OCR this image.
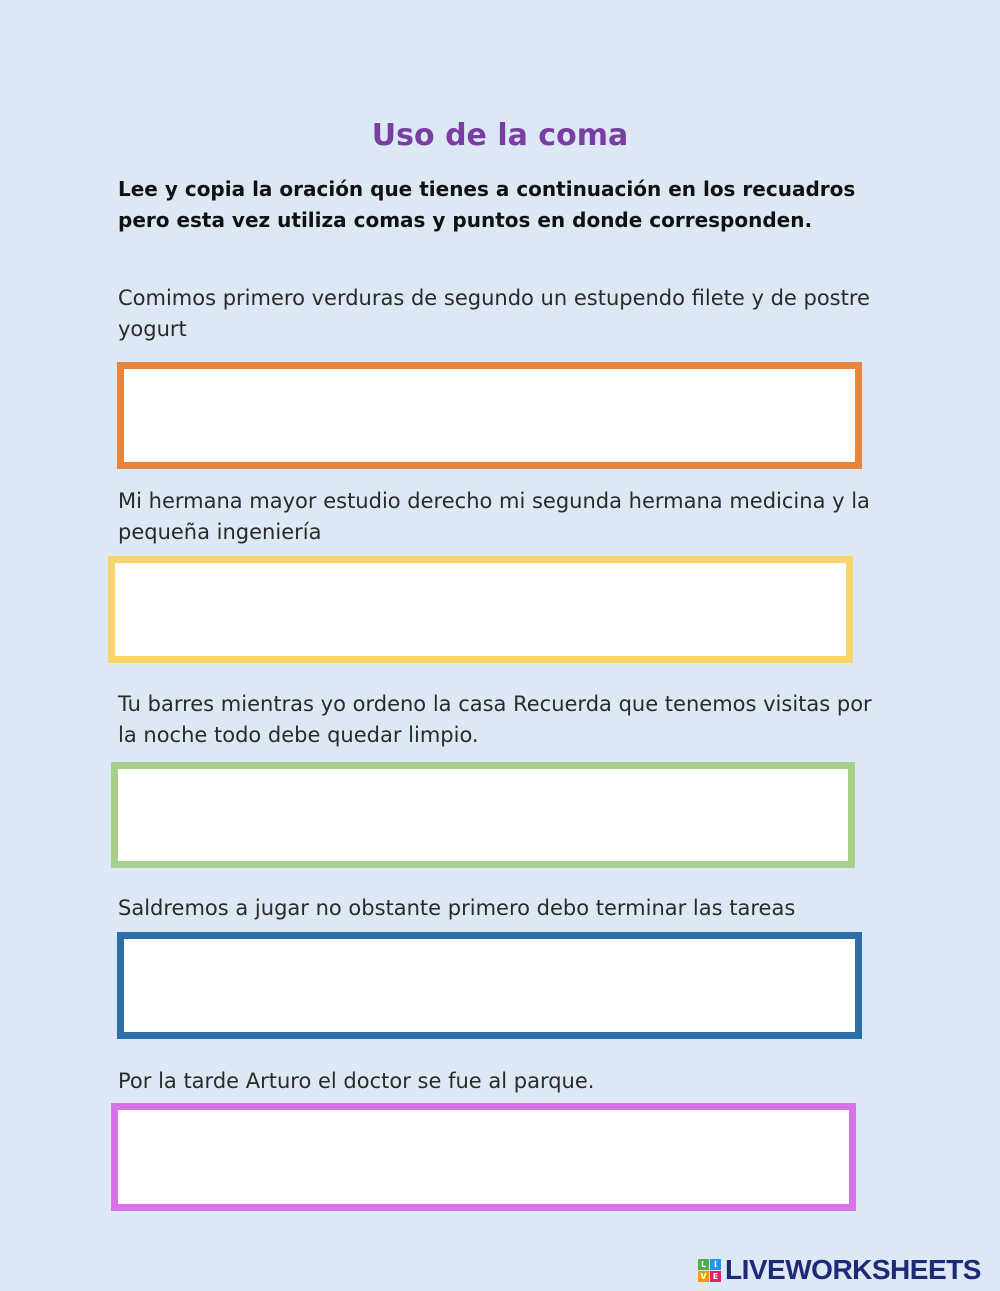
Uso de la coma

Lee y copia la oración que tienes a continuación en los recuadros pero esta vez utiliza comas y puntos en donde corresponden.

Comimos primero verduras de segundo un estupendo filete y de postre yogurt

Mi hermana mayor estudio derecho mi segunda hermana medicina y la pequeña ingeniería

Tu barres mientras yo ordeno la casa Recuerda que tenemos visitas por la noche todo debe quedar limpio.

Saldremos a jugar no obstante primero debo terminar las tareas

Por la tarde Arturo el doctor se fue al parque.

L I
V E LIVEWORKSHEETS
